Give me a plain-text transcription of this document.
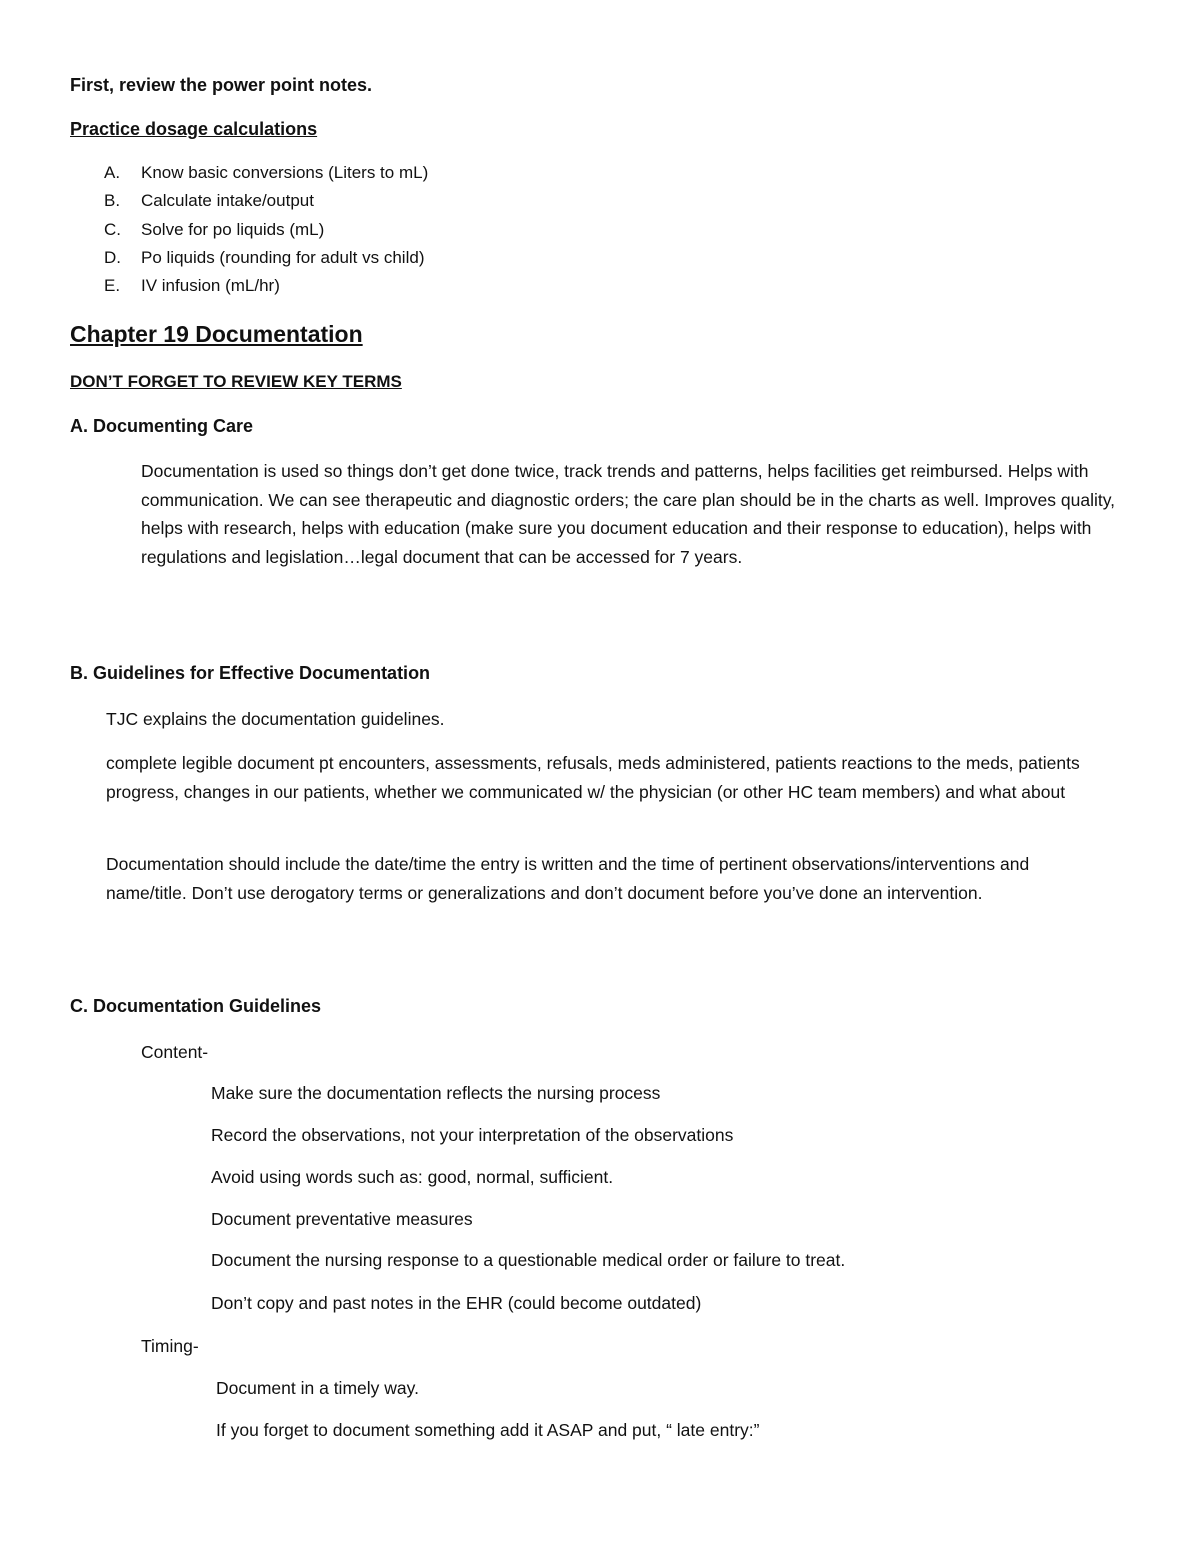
First, review the power point notes.
Practice dosage calculations
A.	Know basic conversions (Liters to mL)
B.	Calculate intake/output
C.	Solve for po liquids (mL)
D.	Po liquids (rounding for adult vs child)
E.	IV infusion (mL/hr)
Chapter 19 Documentation
DON’T FORGET TO REVIEW KEY TERMS
A. Documenting Care
Documentation is used so things don’t get done twice, track trends and patterns, helps facilities get reimbursed. Helps with communication. We can see therapeutic and diagnostic orders; the care plan should be in the charts as well. Improves quality, helps with research, helps with education (make sure you document education and their response to education), helps with regulations and legislation…legal document that can be accessed for 7 years.
B. Guidelines for Effective Documentation
TJC explains the documentation guidelines.
complete legible document pt encounters, assessments, refusals, meds administered, patients reactions to the meds, patients progress, changes in our patients, whether we communicated w/ the physician (or other HC team members) and what about
Documentation should include the date/time the entry is written and the time of pertinent observations/interventions and name/title. Don’t use derogatory terms or generalizations and don’t document before you’ve done an intervention.
C. Documentation Guidelines
Content-
Make sure the documentation reflects the nursing process
Record the observations, not your interpretation of the observations
Avoid using words such as: good, normal, sufficient.
Document preventative measures
Document the nursing response to a questionable medical order or failure to treat.
Don’t copy and past notes in the EHR (could become outdated)
Timing-
Document in a timely way.
If you forget to document something add it ASAP and put, “ late entry:”
